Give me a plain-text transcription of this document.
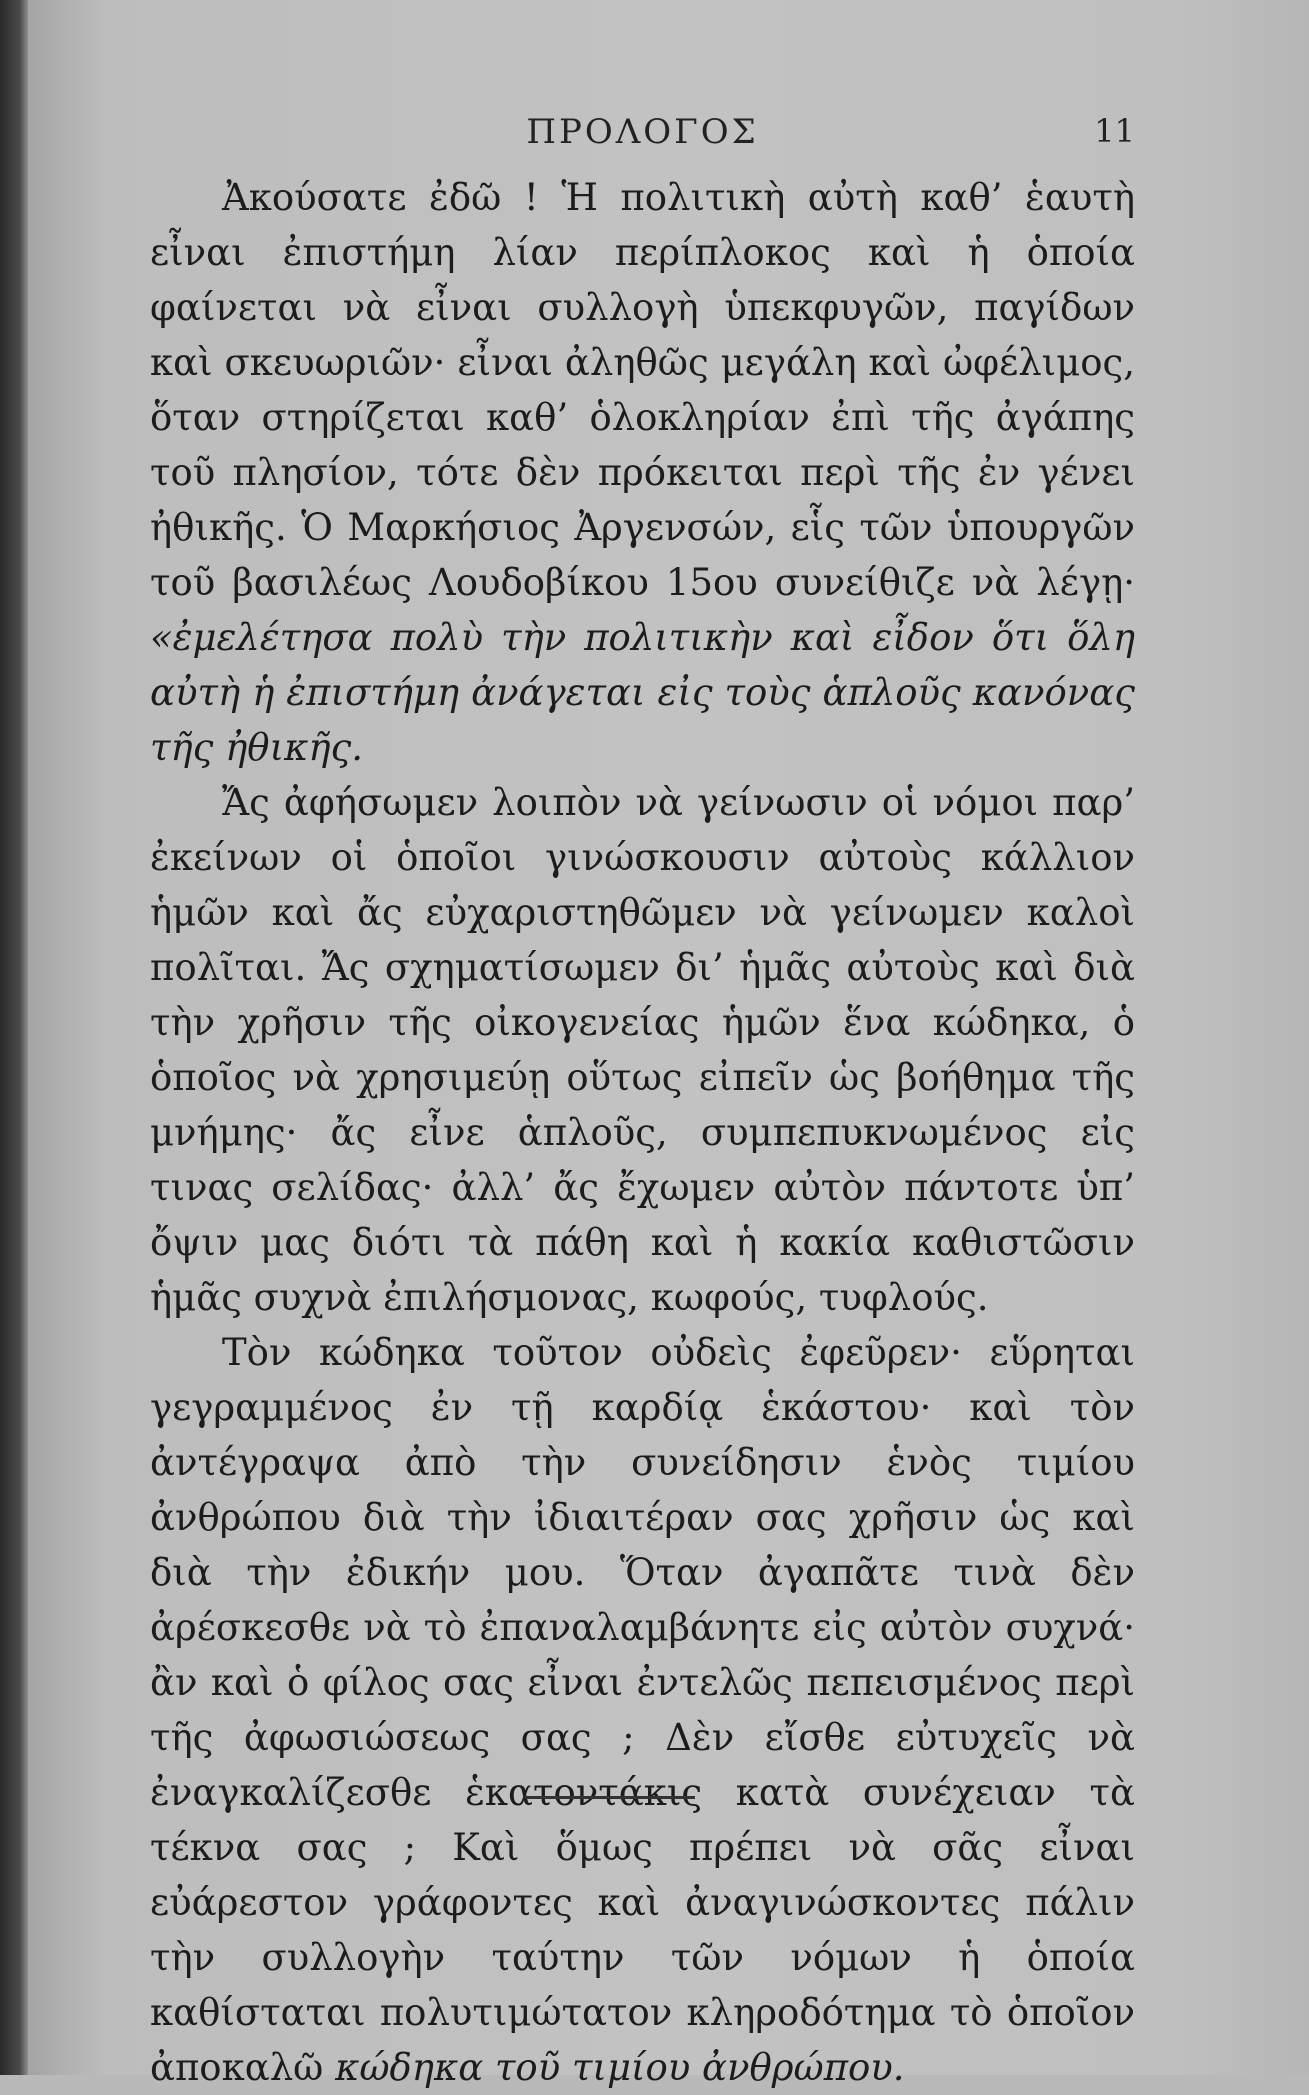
ΠΡΟΛΟΓΟΣ	11

Ἀκούσατε ἐδῶ ! Ἡ πολιτικὴ αὐτὴ καθ’ ἑαυτὴ εἶναι ἐπιστήμη λίαν περίπλοκος καὶ ἡ ὁποία φαίνεται νὰ εἶναι συλλογὴ ὑπεκφυγῶν, παγίδων καὶ σκευωριῶν· εἶναι ἀληθῶς μεγάλη καὶ ὠφέλιμος, ὅταν στηρίζεται καθ’ ὁλοκληρίαν ἐπὶ τῆς ἀγάπης τοῦ πλησίον, τότε δὲν πρόκειται περὶ τῆς ἐν γένει ἠθικῆς. Ὁ Μαρκήσιος Ἀργενσών, εἷς τῶν ὑπουργῶν τοῦ βασιλέως Λουδοβίκου 15ου συνείθιζε νὰ λέγῃ· «ἐμελέτησα πολὺ τὴν πολιτικὴν καὶ εἶδον ὅτι ὅλη αὐτὴ ἡ ἐπιστήμη ἀνάγεται εἰς τοὺς ἁπλοῦς κανόνας τῆς ἠθικῆς.

Ἄς ἀφήσωμεν λοιπὸν νὰ γείνωσιν οἱ νόμοι παρ’ ἐκείνων οἱ ὁποῖοι γινώσκουσιν αὐτοὺς κάλλιον ἡμῶν καὶ ἄς εὐχαριστηθῶμεν νὰ γείνωμεν καλοὶ πολῖται. Ἄς σχηματίσωμεν δι’ ἡμᾶς αὐτοὺς καὶ διὰ τὴν χρῆσιν τῆς οἰκογενείας ἡμῶν ἕνα κώδηκα, ὁ ὁποῖος νὰ χρησιμεύῃ οὕτως εἰπεῖν ὡς βοήθημα τῆς μνήμης· ἄς εἶνε ἁπλοῦς, συμπεπυκνωμένος εἰς τινας σελίδας· ἀλλ’ ἄς ἔχωμεν αὐτὸν πάντοτε ὑπ’ ὄψιν μας διότι τὰ πάθη καὶ ἡ κακία καθιστῶσιν ἡμᾶς συχνὰ ἐπιλήσμονας, κωφούς, τυφλούς.

Τὸν κώδηκα τοῦτον οὐδεὶς ἐφεῦρεν· εὕρηται γεγραμμένος ἐν τῇ καρδίᾳ ἑκάστου· καὶ τὸν ἀντέγραψα ἀπὸ τὴν συνείδησιν ἑνὸς τιμίου ἀνθρώπου διὰ τὴν ἰδιαιτέραν σας χρῆσιν ὡς καὶ διὰ τὴν ἐδικήν μου. Ὅταν ἀγαπᾶτε τινὰ δὲν ἀρέσκεσθε νὰ τὸ ἐπαναλαμβάνητε εἰς αὐτὸν συχνά· ἂν καὶ ὁ φίλος σας εἶναι ἐντελῶς πεπεισμένος περὶ τῆς ἀφωσιώσεως σας ; Δὲν εἴσθε εὐτυχεῖς νὰ ἐναγκαλίζεσθε ἑκατοντάκις κατὰ συνέχειαν τὰ τέκνα σας ; Καὶ ὅμως πρέπει νὰ σᾶς εἶναι εὐάρεστον γράφοντες καὶ ἀναγινώσκοντες πάλιν τὴν συλλογὴν ταύτην τῶν νόμων ἡ ὁποία καθίσταται πολυτιμώτατον κληροδότημα τὸ ὁποῖον ἀποκαλῶ κώδηκα τοῦ τιμίου ἀνθρώπου.
